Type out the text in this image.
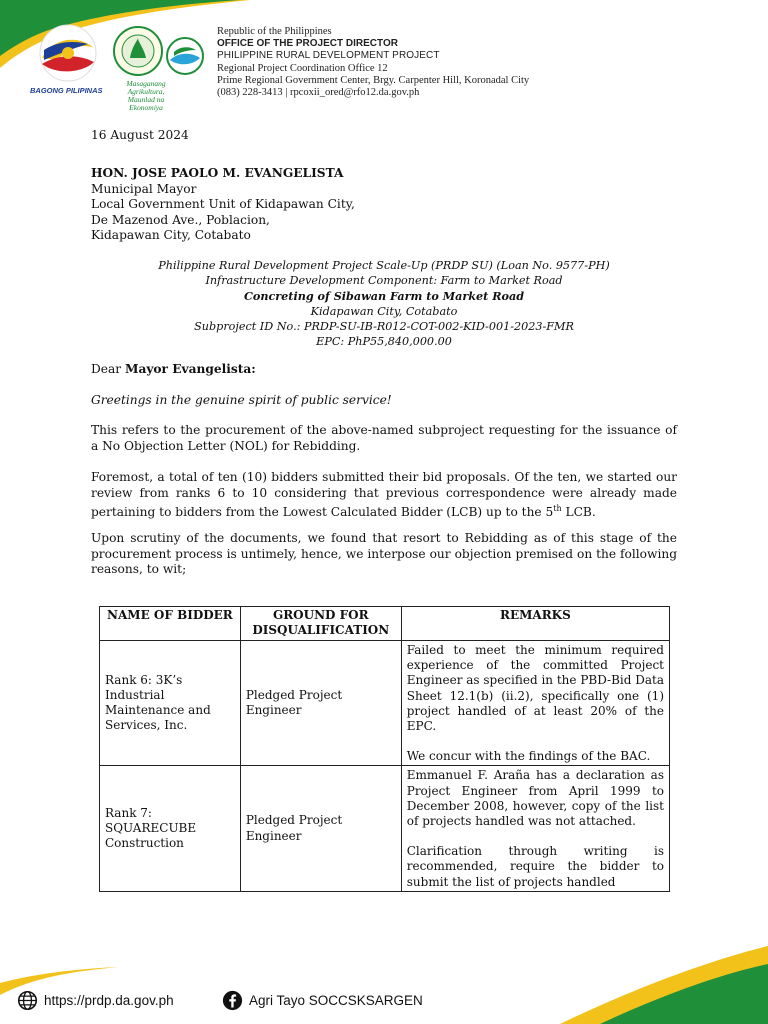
BAGONG PILIPINAS
Masaganang Agrikultura,
Maunlad na Ekonomiya
Republic of the Philippines
OFFICE OF THE PROJECT DIRECTOR
PHILIPPINE RURAL DEVELOPMENT PROJECT
Regional Project Coordination Office 12
Prime Regional Government Center, Brgy. Carpenter Hill, Koronadal City
(083) 228-3413 | rpcoxii_ored@rfo12.da.gov.ph
16 August 2024
HON. JOSE PAOLO M. EVANGELISTA
Municipal Mayor
Local Government Unit of Kidapawan City,
De Mazenod Ave., Poblacion,
Kidapawan City, Cotabato
Philippine Rural Development Project Scale-Up (PRDP SU) (Loan No. 9577-PH)
Infrastructure Development Component: Farm to Market Road
Concreting of Sibawan Farm to Market Road
Kidapawan City, Cotabato
Subproject ID No.: PRDP-SU-IB-R012-COT-002-KID-001-2023-FMR
EPC: PhP55,840,000.00
Dear Mayor Evangelista:
Greetings in the genuine spirit of public service!
This refers to the procurement of the above-named subproject requesting for the issuance of a No Objection Letter (NOL) for Rebidding.
Foremost, a total of ten (10) bidders submitted their bid proposals. Of the ten, we started our review from ranks 6 to 10 considering that previous correspondence were already made pertaining to bidders from the Lowest Calculated Bidder (LCB) up to the 5th LCB.
Upon scrutiny of the documents, we found that resort to Rebidding as of this stage of the procurement process is untimely, hence, we interpose our objection premised on the following reasons, to wit;
NAME OF BIDDER	GROUND FOR DISQUALIFICATION	REMARKS
Rank 6: 3K’s Industrial Maintenance and Services, Inc.	Pledged Project Engineer	Failed to meet the minimum required experience of the committed Project Engineer as specified in the PBD-Bid Data Sheet 12.1(b) (ii.2), specifically one (1) project handled of at least 20% of the EPC.
We concur with the findings of the BAC.

Rank 7: SQUARECUBE Construction	Pledged Project Engineer	Emmanuel F. Araña has a declaration as Project Engineer from April 1999 to December 2008, however, copy of the list of projects handled was not attached.
Clarification through writing is recommended, require the bidder to submit the list of projects handled
https://prdp.da.gov.ph	Agri Tayo SOCCSKSARGEN
